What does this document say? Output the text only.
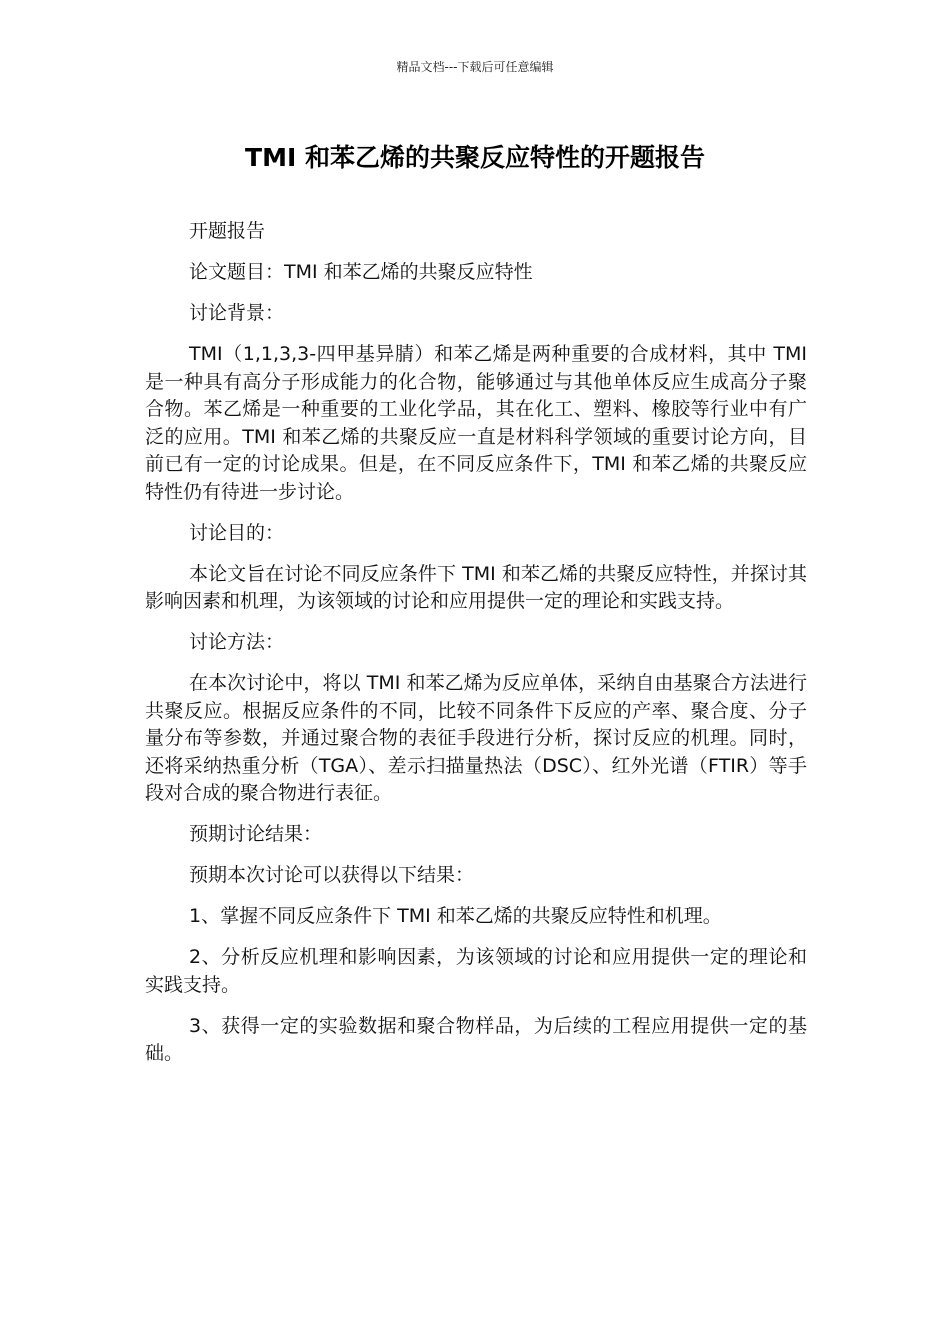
精品文档---下载后可任意编辑
TMI 和苯乙烯的共聚反应特性的开题报告

开题报告

论文题目：TMI 和苯乙烯的共聚反应特性

讨论背景：

TMI（1,1,3,3-四甲基异腈）和苯乙烯是两种重要的合成材料，其中 TMI 是一种具有高分子形成能力的化合物，能够通过与其他单体反应生成高分子聚合物。苯乙烯是一种重要的工业化学品，其在化工、塑料、橡胶等行业中有广泛的应用。TMI 和苯乙烯的共聚反应一直是材料科学领域的重要讨论方向，目前已有一定的讨论成果。但是，在不同反应条件下，TMI 和苯乙烯的共聚反应特性仍有待进一步讨论。

讨论目的：

本论文旨在讨论不同反应条件下 TMI 和苯乙烯的共聚反应特性，并探讨其影响因素和机理，为该领域的讨论和应用提供一定的理论和实践支持。

讨论方法：

在本次讨论中，将以 TMI 和苯乙烯为反应单体，采纳自由基聚合方法进行共聚反应。根据反应条件的不同，比较不同条件下反应的产率、聚合度、分子量分布等参数，并通过聚合物的表征手段进行分析，探讨反应的机理。同时，还将采纳热重分析（TGA）、差示扫描量热法（DSC）、红外光谱（FTIR）等手段对合成的聚合物进行表征。

预期讨论结果：

预期本次讨论可以获得以下结果：

1、掌握不同反应条件下 TMI 和苯乙烯的共聚反应特性和机理。

2、分析反应机理和影响因素，为该领域的讨论和应用提供一定的理论和实践支持。

3、获得一定的实验数据和聚合物样品，为后续的工程应用提供一定的基础。
